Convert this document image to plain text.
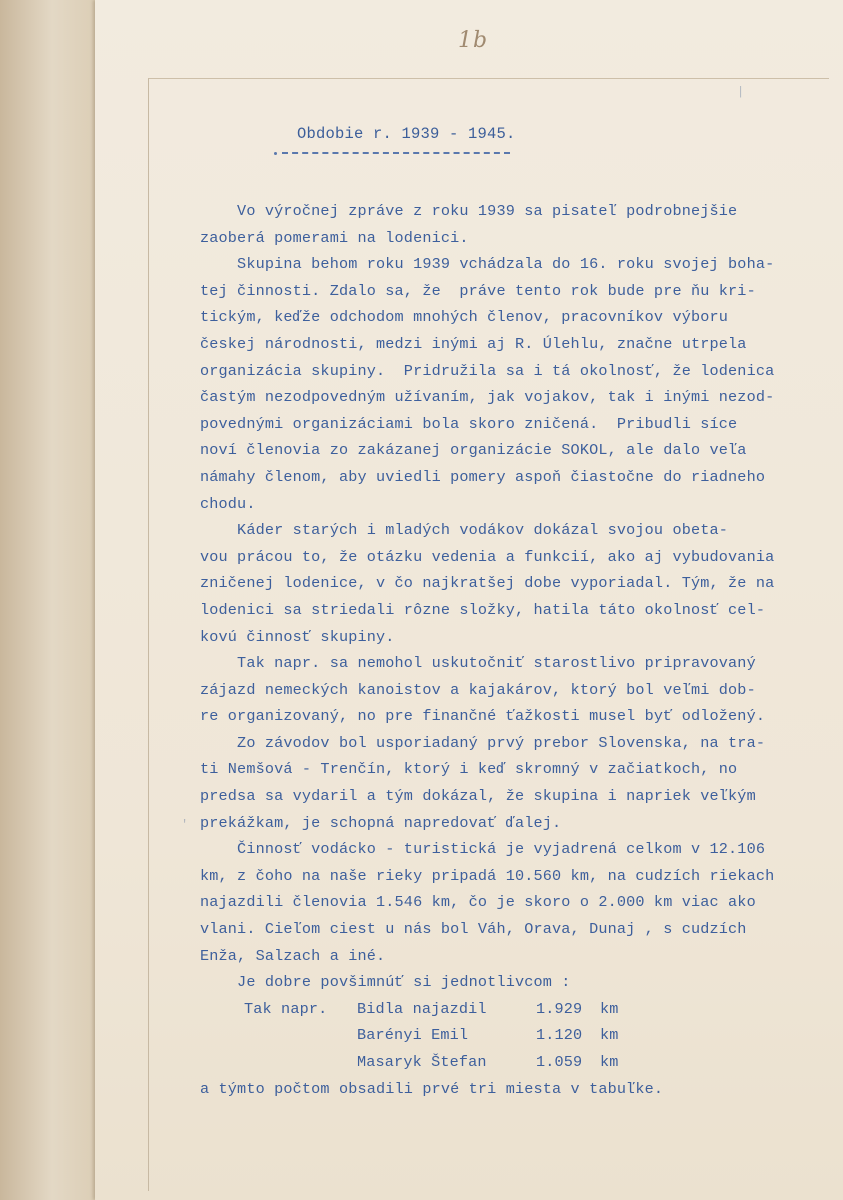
1b
Obdobie r. 1939 - 1945.
Vo výročnej zpráve z roku 1939 sa pisateľ podrobnejšie
zaoberá pomerami na lodenici.
Skupina behom roku 1939 vchádzala do 16. roku svojej boha-
tej činnosti. Zdalo sa, že  práve tento rok bude pre ňu kri-
tickým, keďže odchodom mnohých členov, pracovníkov výboru
českej národnosti, medzi inými aj R. Úlehlu, značne utrpela
organizácia skupiny.  Pridružila sa i tá okolnosť, že lodenica
častým nezodpovedným užívaním, jak vojakov, tak i inými nezod-
povednými organizáciami bola skoro zničená.  Pribudli síce
noví členovia zo zakázanej organizácie SOKOL, ale dalo veľa
námahy členom, aby uviedli pomery aspoň čiastočne do riadneho
chodu.
Káder starých i mladých vodákov dokázal svojou obeta-
vou prácou to, že otázku vedenia a funkcií, ako aj vybudovania
zničenej lodenice, v čo najkratšej dobe vyporiadal. Tým, že na
lodenici sa striedali rôzne složky, hatila táto okolnosť cel-
kovú činnosť skupiny.
Tak napr. sa nemohol uskutočniť starostlivo pripravovaný
zájazd nemeckých kanoistov a kajakárov, ktorý bol veľmi dob-
re organizovaný, no pre finančné ťažkosti musel byť odložený.
Zo závodov bol usporiadaný prvý prebor Slovenska, na tra-
ti Nemšová - Trenčín, ktorý i keď skromný v začiatkoch, no
predsa sa vydaril a tým dokázal, že skupina i napriek veľkým
prekážkam, je schopná napredovať ďalej.
Činnosť vodácko - turistická je vyjadrená celkom v 12.106
km, z čoho na naše rieky pripadá 10.560 km, na cudzích riekach
najazdili členovia 1.546 km, čo je skoro o 2.000 km viac ako
vlani. Cieľom ciest u nás bol Váh, Orava, Dunaj , s cudzích
Enža, Salzach a iné.
Je dobre povšimnúť si jednotlivcom :
Tak napr. Bidla najazdil	1.929 km
Barényi Emil	1.120 km
Masaryk Štefan	1.059 km
a týmto počtom obsadili prvé tri miesta v tabuľke.
'
|
